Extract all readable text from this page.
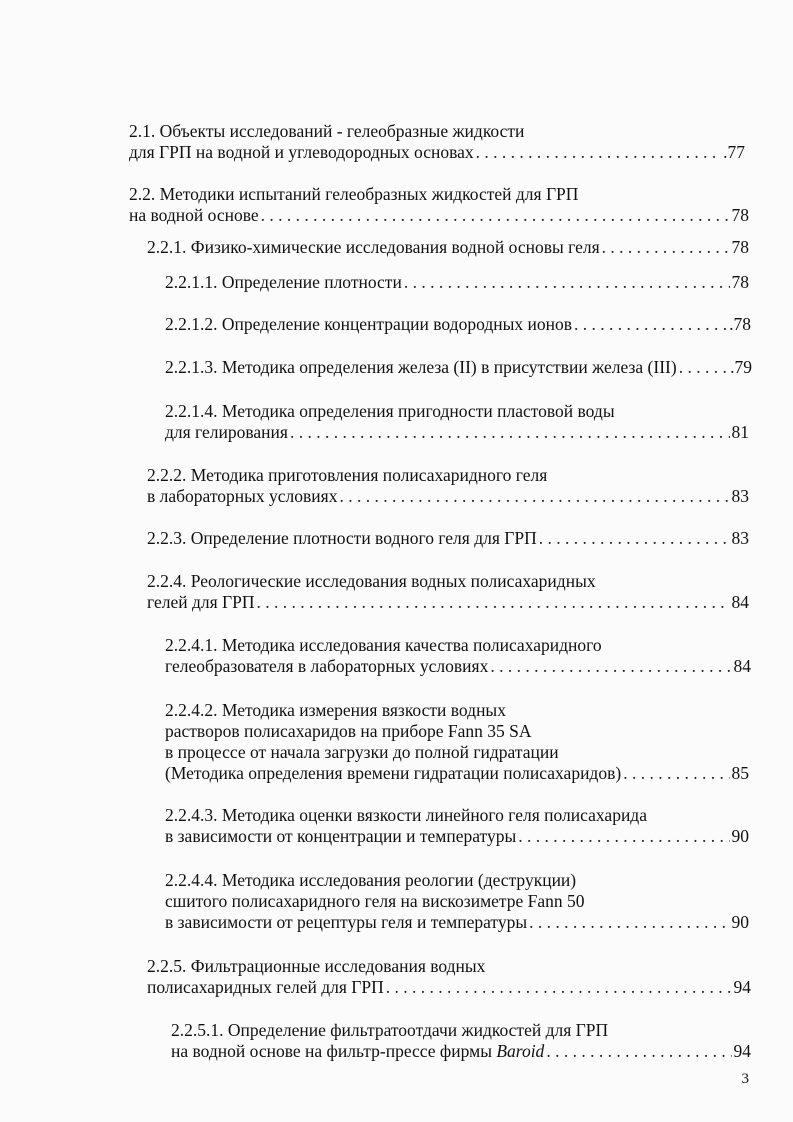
2.1. Объекты исследований - гелеобразные жидкости
для ГРП на водной и углеводородных основах . . .	.77
2.2. Методики испытаний гелеобразных жидкостей для ГРП
на водной основе . . .	78
2.2.1. Физико-химические исследования водной основы геля . . .	78
2.2.1.1. Определение плотности . . .	78
2.2.1.2. Определение концентрации водородных ионов . . .	.78
2.2.1.3. Методика определения железа (II) в присутствии железа (III) . . .	.79
2.2.1.4. Методика определения пригодности пластовой воды
для гелирования . . .	81
2.2.2. Методика приготовления полисахаридного геля
в лабораторных условиях . . .	83
2.2.3. Определение плотности водного геля для ГРП . . .	83
2.2.4. Реологические исследования водных полисахаридных
гелей для ГРП . . .	84
2.2.4.1. Методика исследования качества полисахаридного
гелеобразователя в лабораторных условиях . . .	84
2.2.4.2. Методика измерения вязкости водных
растворов полисахаридов на приборе Fann 35 SA
в процессе от начала загрузки до полной гидратации
(Методика определения времени гидратации полисахаридов) . . .	85
2.2.4.3. Методика оценки вязкости линейного геля полисахарида
в зависимости от концентрации и температуры . . .	90
2.2.4.4. Методика исследования реологии (деструкции)
сшитого полисахаридного геля на вискозиметре Fann 50
в зависимости от рецептуры геля и температуры . . .	90
2.2.5. Фильтрационные исследования водных
полисахаридных гелей для ГРП . . .	94
2.2.5.1. Определение фильтратоотдачи жидкостей для ГРП
на водной основе на фильтр-прессе фирмы Baroid . . .	94
3
